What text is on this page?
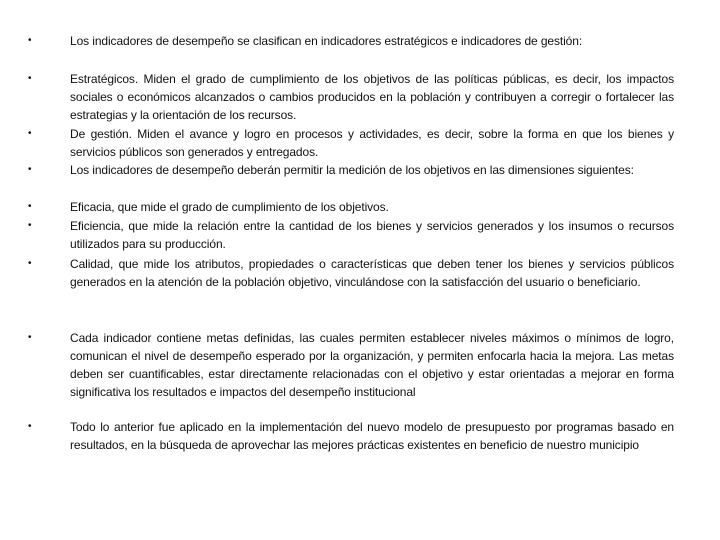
•	Los indicadores de desempeño se clasifican en indicadores estratégicos e indicadores de gestión:
•	Estratégicos. Miden el grado de cumplimiento de los objetivos de las políticas públicas, es decir, los impactos sociales o económicos alcanzados o cambios producidos en la población y contribuyen a corregir o fortalecer las estrategias y la orientación de los recursos.
•	De gestión. Miden el avance y logro en procesos y actividades, es decir, sobre la forma en que los bienes y servicios públicos son generados y entregados.
•	Los indicadores de desempeño deberán permitir la medición de los objetivos en las dimensiones siguientes:
•	Eficacia, que mide el grado de cumplimiento de los objetivos.
•	Eficiencia, que mide la relación entre la cantidad de los bienes y servicios generados y los insumos o recursos utilizados para su producción.
•	Calidad, que mide los atributos, propiedades o características que deben tener los bienes y servicios públicos generados en la atención de la población objetivo, vinculándose con la satisfacción del usuario o beneficiario.
•	Cada indicador contiene metas definidas, las cuales permiten establecer niveles máximos o mínimos de logro, comunican el nivel de desempeño esperado por la organización, y permiten enfocarla hacia la mejora. Las metas deben ser cuantificables, estar directamente relacionadas con el objetivo y estar orientadas a mejorar en forma significativa los resultados e impactos del desempeño institucional
•	Todo lo anterior fue aplicado en la implementación del nuevo modelo de presupuesto por programas basado en resultados, en la búsqueda de aprovechar las mejores prácticas existentes en beneficio de nuestro municipio
